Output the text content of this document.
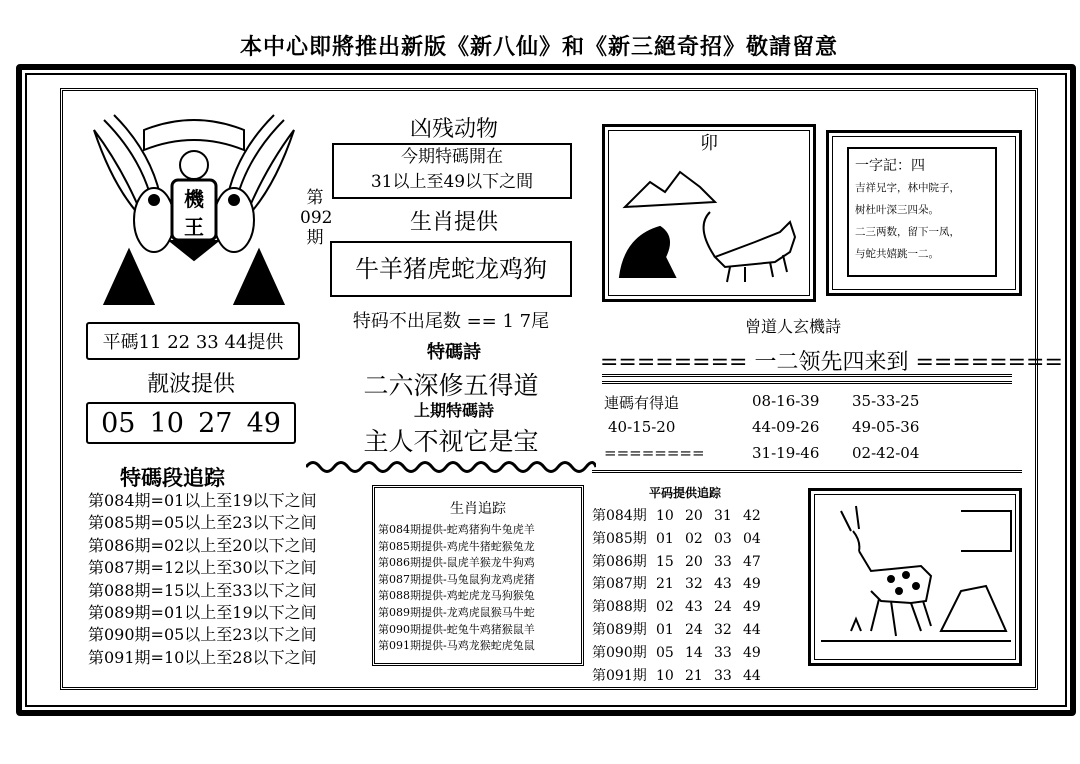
本中心即將推出新版《新八仙》和《新三絕奇招》敬請留意
機
王
第
092
期
平碼11 22 33 44提供
靓波提供
05 10 27 49
特碼段追踪
第084期=01以上至19以下之间
第085期=05以上至23以下之间
第086期=02以上至20以下之间
第087期=12以上至30以下之间
第088期=15以上至33以下之间
第089期=01以上至19以下之间
第090期=05以上至23以下之间
第091期=10以上至28以下之间
凶残动物
今期特碼開在
31以上至49以下之間
生肖提供
牛羊猪虎蛇龙鸡狗
特码不出尾数 == 1 7尾
特碼詩
二六深修五得道
上期特碼詩
主人不视它是宝
生肖追踪
第084期提供-蛇鸡猪狗牛兔虎羊
第085期提供-鸡虎牛猪蛇猴兔龙
第086期提供-鼠虎羊猴龙牛狗鸡
第087期提供-马兔鼠狗龙鸡虎猪
第088期提供-鸡蛇虎龙马狗猴兔
第089期提供-龙鸡虎鼠猴马牛蛇
第090期提供-蛇兔牛鸡猪猴鼠羊
第091期提供-马鸡龙猴蛇虎兔鼠
卯
一字記：四
吉祥兄字，林中院子，
树杜叶深三四朵。
二三两数，留下一凤，
与蛇共嬉跳一二。
曾道人玄機詩
======== 一二领先四来到 ========
連碼有得追	08-16-39 35-33-25
40-15-20	44-09-26 49-05-36
========	31-19-46 02-42-04
平码提供追踪
第084期 10 20 31 42
第085期 01 02 03 04
第086期 15 20 33 47
第087期 21 32 43 49
第088期 02 43 24 49
第089期 01 24 32 44
第090期 05 14 33 49
第091期 10 21 33 44
